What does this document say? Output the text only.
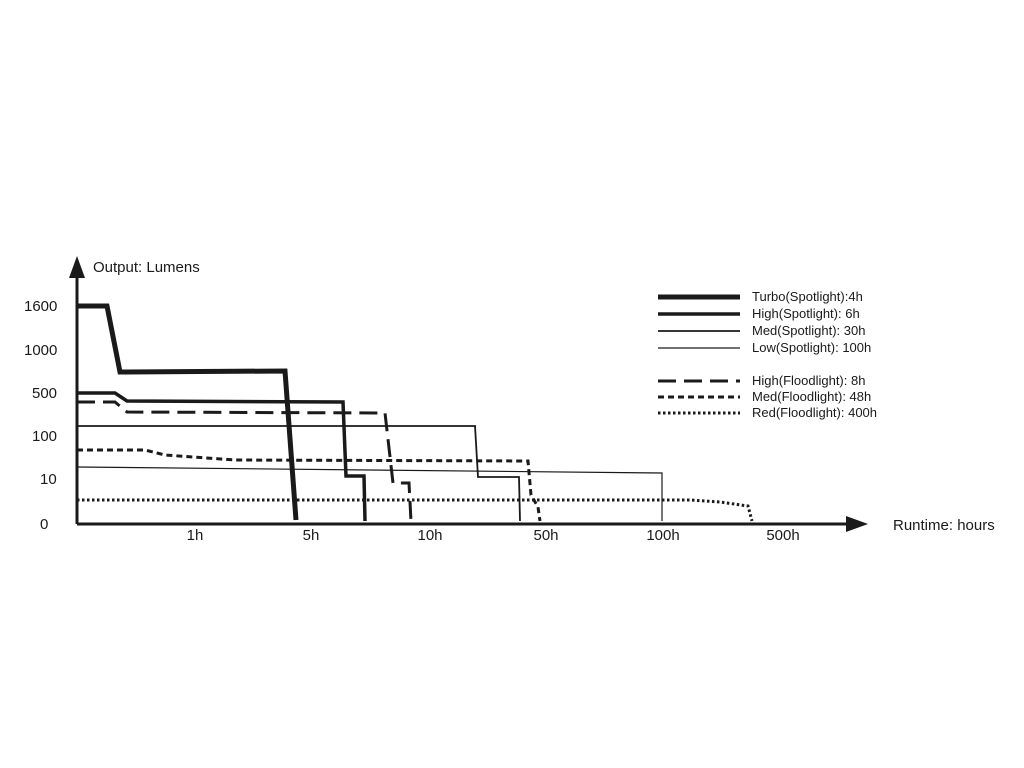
Output: Lumens
Runtime: hours
0
10
100
500
1000
1600
1h	5h	10h	50h	100h	500h
Turbo(Spotlight):4h
High(Spotlight): 6h
Med(Spotlight): 30h
Low(Spotlight): 100h
High(Floodlight): 8h
Med(Floodlight): 48h
Red(Floodlight): 400h
